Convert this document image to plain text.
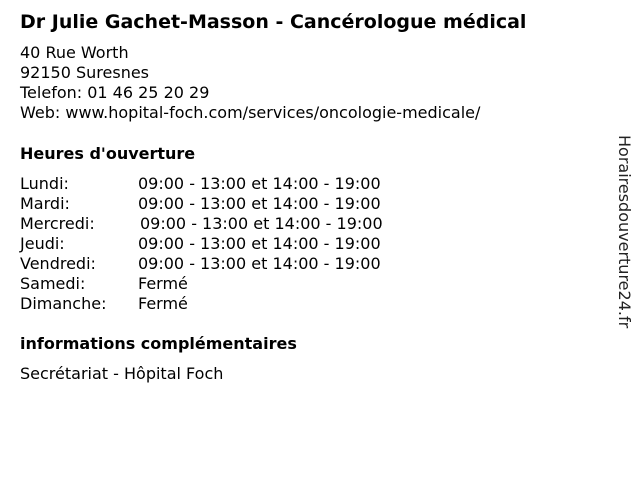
Dr Julie Gachet-Masson - Cancérologue médical
40 Rue Worth
92150 Suresnes
Telefon: 01 46 25 20 29
Web: www.hopital-foch.com/services/oncologie-medicale/
Heures d'ouverture
Lundi:	09:00 - 13:00 et 14:00 - 19:00
Mardi:	09:00 - 13:00 et 14:00 - 19:00
Mercredi:	09:00 - 13:00 et 14:00 - 19:00
Jeudi:	09:00 - 13:00 et 14:00 - 19:00
Vendredi:	09:00 - 13:00 et 14:00 - 19:00
Samedi:	Fermé
Dimanche: Fermé
informations complémentaires
Secrétariat - Hôpital Foch
Horairesdouverture24.fr
